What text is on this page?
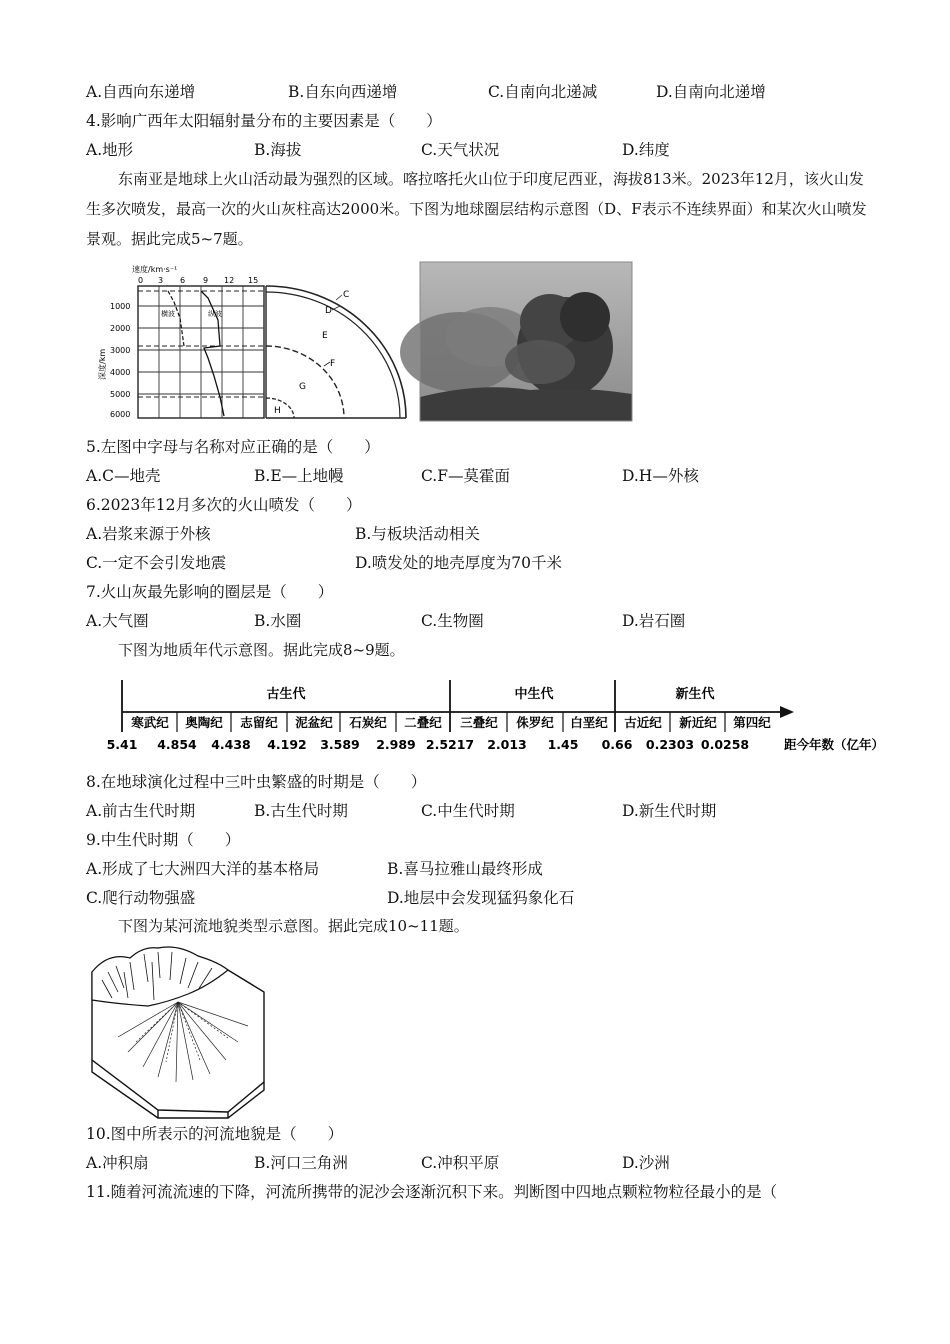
A.自西向东递增	B.自东向西递增	C.自南向北递减	D.自南向北递增
4.影响广西年太阳辐射量分布的主要因素是（　　）
A.地形	B.海拔	C.天气状况	D.纬度

东南亚是地球上火山活动最为强烈的区域。喀拉喀托火山位于印度尼西亚，海拔813米。2023年12月，该火山发生多次喷发，最高一次的火山灰柱高达2000米。下图为地球圈层结构示意图（D、F表示不连续界面）和某次火山喷发景观。据此完成5~7题。

速度/km·s⁻¹
0 3 6 9 12 15
1000
2000
3000
4000
5000
6000
深度/km
横波	纵波
C
D
E
F
G
H
5.左图中字母与名称对应正确的是（　　）
A.C—地壳	B.E—上地幔	C.F—莫霍面	D.H—外核
6.2023年12月多次的火山喷发（　　）
A.岩浆来源于外核	B.与板块活动相关
C.一定不会引发地震	D.喷发处的地壳厚度为70千米
7.火山灰最先影响的圈层是（　　）
A.大气圈	B.水圈	C.生物圈	D.岩石圈
下图为地质年代示意图。据此完成8~9题。
古生代	中生代	新生代
寒武纪 奥陶纪 志留纪 泥盆纪 石炭纪 二叠纪 三叠纪 侏罗纪 白垩纪 古近纪 新近纪 第四纪
5.41 4.854 4.438 4.192 3.589 2.989 2.5217 2.013 1.45 0.66 0.2303 0.0258	距今年数（亿年）
8.在地球演化过程中三叶虫繁盛的时期是（　　）
A.前古生代时期	B.古生代时期	C.中生代时期	D.新生代时期
9.中生代时期（　　）
A.形成了七大洲四大洋的基本格局	B.喜马拉雅山最终形成
C.爬行动物强盛	D.地层中会发现猛犸象化石
下图为某河流地貌类型示意图。据此完成10~11题。
10.图中所表示的河流地貌是（　　）
A.冲积扇	B.河口三角洲	C.冲积平原	D.沙洲
11.随着河流流速的下降，河流所携带的泥沙会逐渐沉积下来。判断图中四地点颗粒物粒径最小的是（
